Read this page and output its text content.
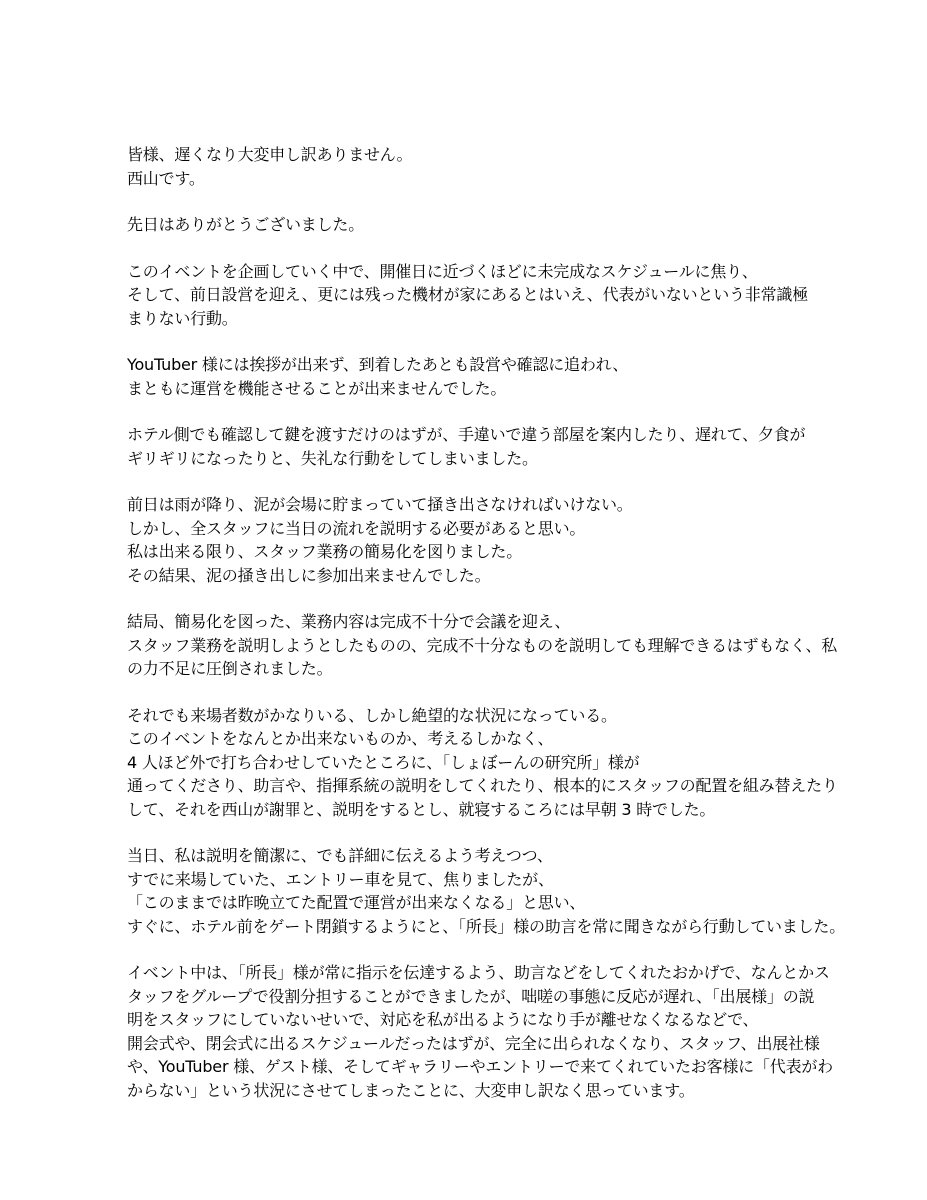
皆様、遅くなり大変申し訳ありません。
西山です。
先日はありがとうございました。
このイベントを企画していく中で、開催日に近づくほどに未完成なスケジュールに焦り、
そして、前日設営を迎え、更には残った機材が家にあるとはいえ、代表がいないという非常識極
まりない行動。
YouTuber 様には挨拶が出来ず、到着したあとも設営や確認に追われ、
まともに運営を機能させることが出来ませんでした。
ホテル側でも確認して鍵を渡すだけのはずが、手違いで違う部屋を案内したり、遅れて、夕食が
ギリギリになったりと、失礼な行動をしてしまいました。
前日は雨が降り、泥が会場に貯まっていて掻き出さなければいけない。
しかし、全スタッフに当日の流れを説明する必要があると思い。
私は出来る限り、スタッフ業務の簡易化を図りました。
その結果、泥の掻き出しに参加出来ませんでした。
結局、簡易化を図った、業務内容は完成不十分で会議を迎え、
スタッフ業務を説明しようとしたものの、完成不十分なものを説明しても理解できるはずもなく、私
の力不足に圧倒されました。
それでも来場者数がかなりいる、しかし絶望的な状況になっている。
このイベントをなんとか出来ないものか、考えるしかなく、
4 人ほど外で打ち合わせしていたところに、「しょぼーんの研究所」様が
通ってくださり、助言や、指揮系統の説明をしてくれたり、根本的にスタッフの配置を組み替えたり
して、それを西山が謝罪と、説明をするとし、就寝するころには早朝 3 時でした。
当日、私は説明を簡潔に、でも詳細に伝えるよう考えつつ、
すでに来場していた、エントリー車を見て、焦りましたが、
「このままでは昨晩立てた配置で運営が出来なくなる」と思い、
すぐに、ホテル前をゲート閉鎖するようにと、「所長」様の助言を常に聞きながら行動していました。
イベント中は、「所長」様が常に指示を伝達するよう、助言などをしてくれたおかげで、なんとかス
タッフをグループで役割分担することができましたが、咄嗟の事態に反応が遅れ、「出展様」の説
明をスタッフにしていないせいで、対応を私が出るようになり手が離せなくなるなどで、
開会式や、閉会式に出るスケジュールだったはずが、完全に出られなくなり、スタッフ、出展社様
や、YouTuber 様、ゲスト様、そしてギャラリーやエントリーで来てくれていたお客様に「代表がわ
からない」という状況にさせてしまったことに、大変申し訳なく思っています。
